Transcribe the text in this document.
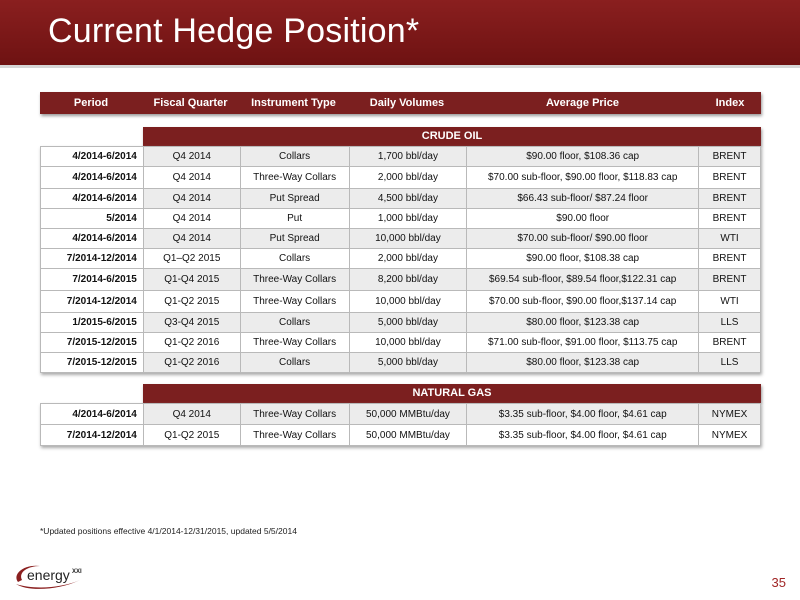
Current Hedge Position*
Period	Fiscal Quarter	Instrument Type	Daily Volumes	Average Price	Index
CRUDE OIL
4/2014-6/2014	Q4 2014	Collars	1,700 bbl/day	$90.00 floor, $108.36 cap	BRENT
4/2014-6/2014	Q4 2014	Three-Way Collars	2,000 bbl/day	$70.00 sub-floor, $90.00 floor, $118.83 cap	BRENT
4/2014-6/2014	Q4 2014	Put Spread	4,500 bbl/day	$66.43 sub-floor/ $87.24 floor	BRENT
5/2014	Q4 2014	Put	1,000 bbl/day	$90.00 floor	BRENT
4/2014-6/2014	Q4 2014	Put Spread	10,000 bbl/day	$70.00 sub-floor/ $90.00 floor	WTI
7/2014-12/2014	Q1–Q2 2015	Collars	2,000 bbl/day	$90.00 floor, $108.38 cap	BRENT
7/2014-6/2015	Q1-Q4 2015	Three-Way Collars	8,200 bbl/day	$69.54 sub-floor, $89.54 floor,$122.31 cap	BRENT
7/2014-12/2014	Q1-Q2 2015	Three-Way Collars	10,000 bbl/day	$70.00 sub-floor, $90.00 floor,$137.14 cap	WTI
1/2015-6/2015	Q3-Q4 2015	Collars	5,000 bbl/day	$80.00 floor, $123.38 cap	LLS
7/2015-12/2015	Q1-Q2 2016	Three-Way Collars	10,000 bbl/day	$71.00 sub-floor, $91.00 floor, $113.75 cap	BRENT
7/2015-12/2015	Q1-Q2 2016	Collars	5,000 bbl/day	$80.00 floor, $123.38 cap	LLS
NATURAL GAS
4/2014-6/2014	Q4 2014	Three-Way Collars	50,000 MMBtu/day	$3.35 sub-floor, $4.00 floor, $4.61 cap	NYMEX
7/2014-12/2014	Q1-Q2 2015	Three-Way Collars	50,000 MMBtu/day	$3.35 sub-floor, $4.00 floor, $4.61 cap	NYMEX
*Updated positions effective 4/1/2014-12/31/2015, updated 5/5/2014
energy XXI
35
